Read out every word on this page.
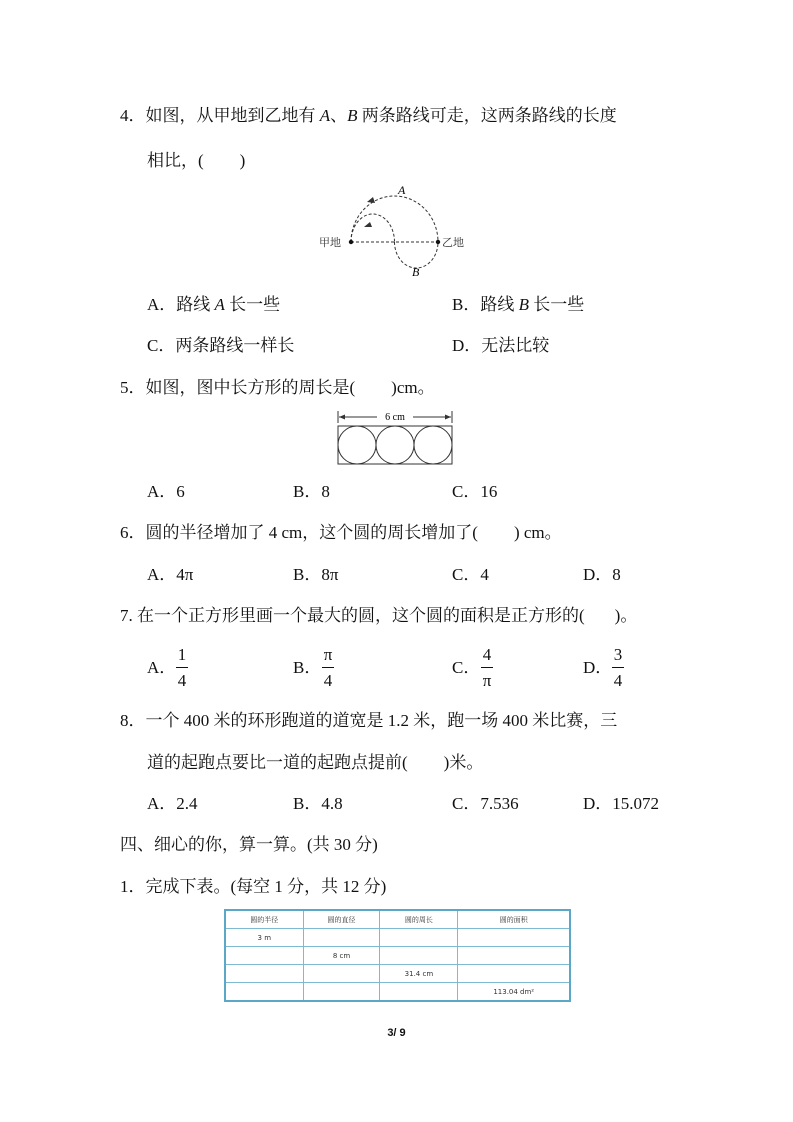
4．如图，从甲地到乙地有 A、B 两条路线可走，这两条路线的长度
相比，( )
A
B
甲地	乙地
A．路线 A 长一些	B．路线 B 长一些
C．两条路线一样长	D．无法比较
5．如图，图中长方形的周长是( )cm。
6 cm
A．6	B．8	C．16
6．圆的半径增加了 4 cm，这个圆的周长增加了( ) cm。
A．4π	B．8π	C．4	D．8
7. 在一个正方形里画一个最大的圆，这个圆的面积是正方形的( )。
A．
1
4
B．
π
4
C．
4
π
D．
3
4
8．一个 400 米的环形跑道的道宽是 1.2 米，跑一场 400 米比赛，三
道的起跑点要比一道的起跑点提前( )米。
A．2.4	B．4.8	C．7.536	D．15.072
四、细心的你，算一算。(共 30 分)
1．完成下表。(每空 1 分，共 12 分)
圆的半径	圆的直径	圆的周长	圆的面积
3 m			
	8 cm		
		31.4 cm	
			113.04 dm²
3/ 9
